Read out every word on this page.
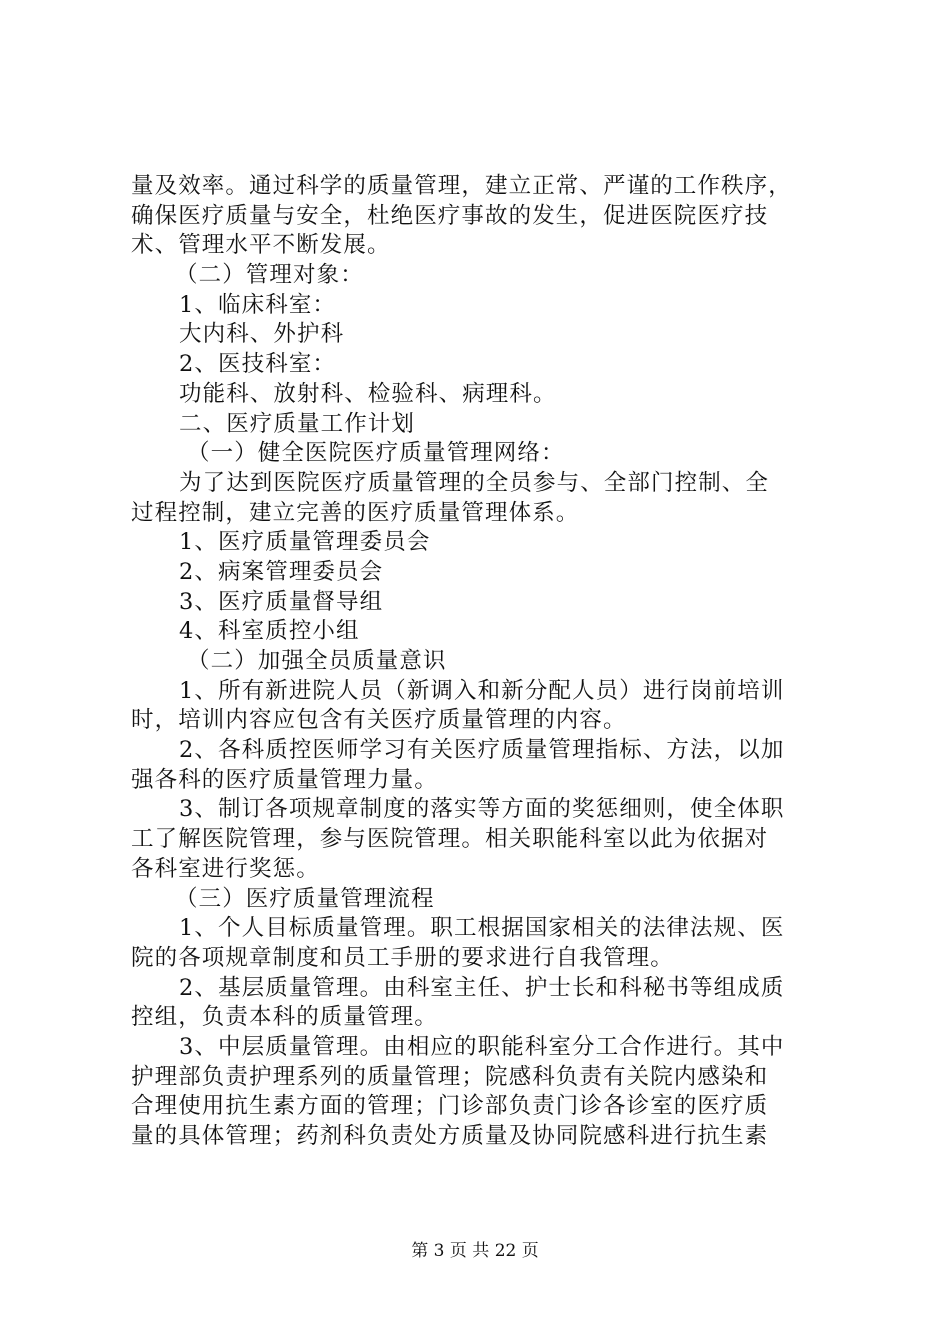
量及效率。通过科学的质量管理，建立正常、严谨的工作秩序，
确保医疗质量与安全，杜绝医疗事故的发生，促进医院医疗技
术、管理水平不断发展。
（二）管理对象：
1、临床科室：
大内科、外护科
2、医技科室：
功能科、放射科、检验科、病理科。
二、医疗质量工作计划
（一）健全医院医疗质量管理网络：
为了达到医院医疗质量管理的全员参与、全部门控制、全
过程控制，建立完善的医疗质量管理体系。
1、医疗质量管理委员会
2、病案管理委员会
3、医疗质量督导组
4、科室质控小组
（二）加强全员质量意识
1、所有新进院人员（新调入和新分配人员）进行岗前培训
时，培训内容应包含有关医疗质量管理的内容。
2、各科质控医师学习有关医疗质量管理指标、方法，以加
强各科的医疗质量管理力量。
3、制订各项规章制度的落实等方面的奖惩细则，使全体职
工了解医院管理，参与医院管理。相关职能科室以此为依据对
各科室进行奖惩。
（三）医疗质量管理流程
1、个人目标质量管理。职工根据国家相关的法律法规、医
院的各项规章制度和员工手册的要求进行自我管理。
2、基层质量管理。由科室主任、护士长和科秘书等组成质
控组，负责本科的质量管理。
3、中层质量管理。由相应的职能科室分工合作进行。其中
护理部负责护理系列的质量管理；院感科负责有关院内感染和
合理使用抗生素方面的管理；门诊部负责门诊各诊室的医疗质
量的具体管理；药剂科负责处方质量及协同院感科进行抗生素
第 3 页 共 22 页
